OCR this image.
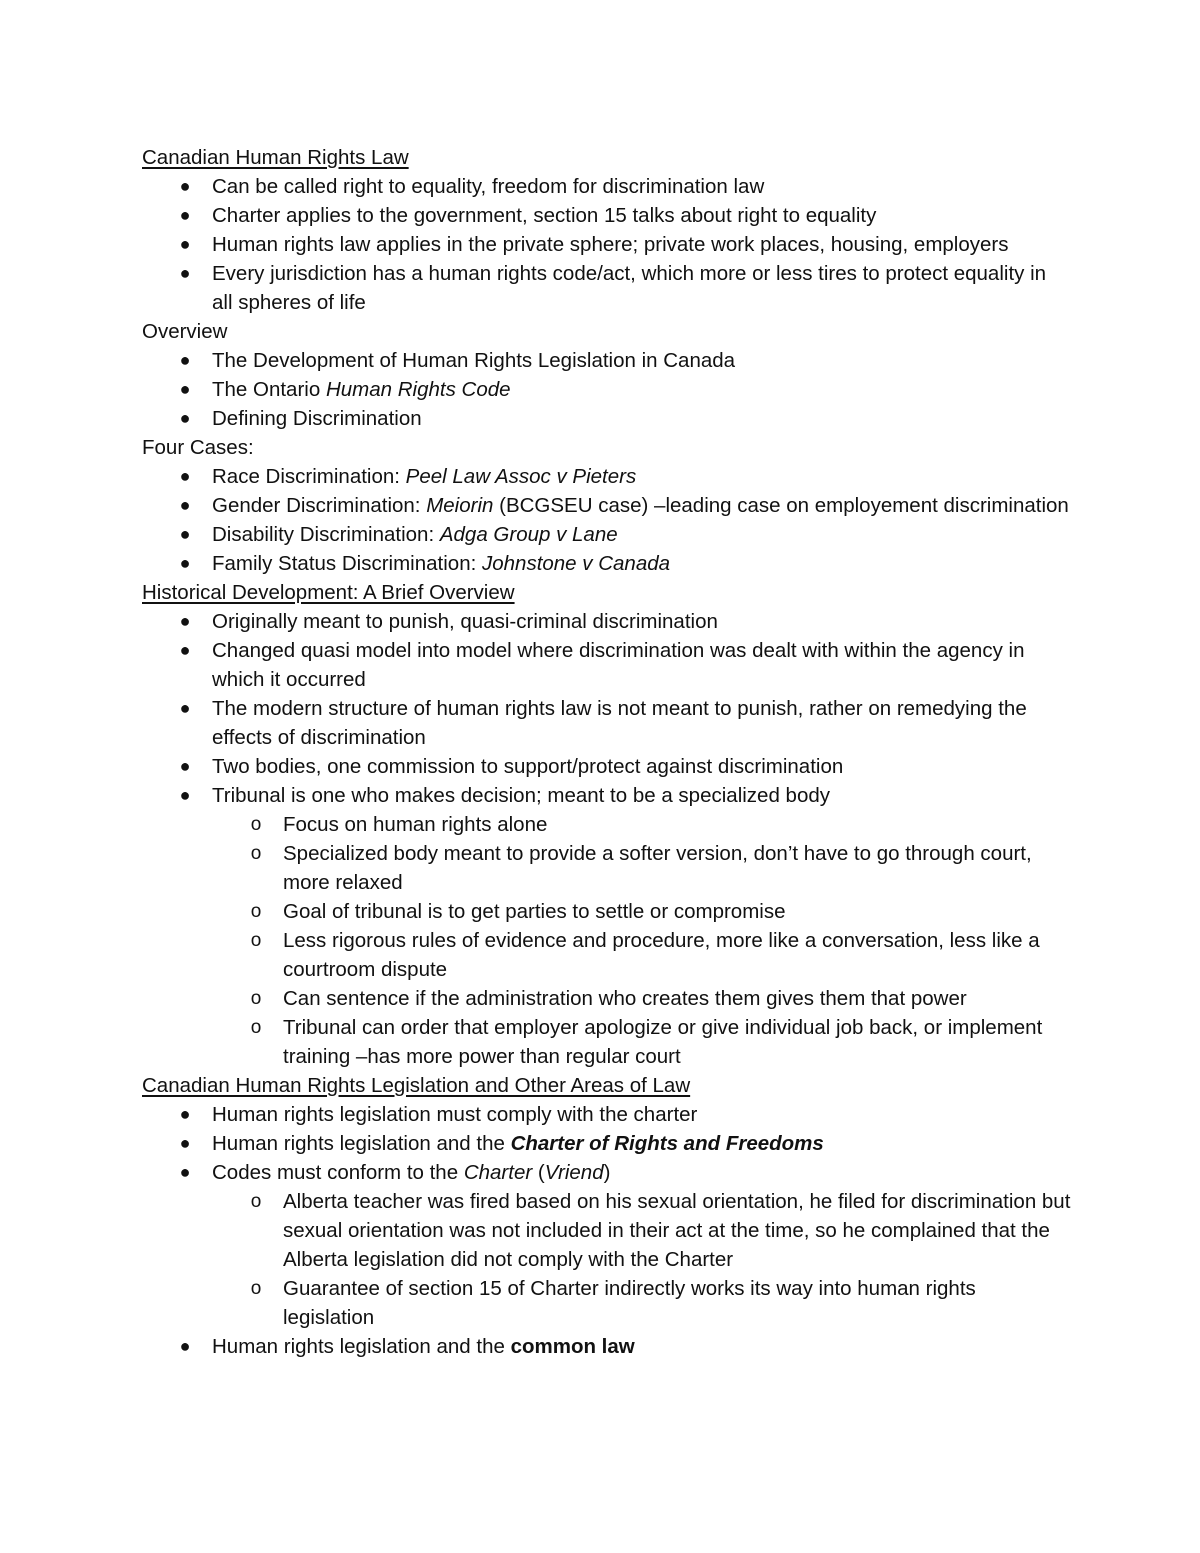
Canadian Human Rights Law

● Can be called right to equality, freedom for discrimination law
● Charter applies to the government, section 15 talks about right to equality
● Human rights law applies in the private sphere; private work places, housing, employers
● Every jurisdiction has a human rights code/act, which more or less tires to protect equality in all spheres of life

Overview

● The Development of Human Rights Legislation in Canada
● The Ontario Human Rights Code
● Defining Discrimination

Four Cases:

● Race Discrimination: Peel Law Assoc v Pieters
● Gender Discrimination: Meiorin (BCGSEU case) –leading case on employement discrimination
● Disability Discrimination: Adga Group v Lane
● Family Status Discrimination: Johnstone v Canada

Historical Development: A Brief Overview

● Originally meant to punish, quasi-criminal discrimination
● Changed quasi model into model where discrimination was dealt with within the agency in which it occurred
● The modern structure of human rights law is not meant to punish, rather on remedying the effects of discrimination
● Two bodies, one commission to support/protect against discrimination
● Tribunal is one who makes decision; meant to be a specialized body
o Focus on human rights alone
o Specialized body meant to provide a softer version, don’t have to go through court, more relaxed
o Goal of tribunal is to get parties to settle or compromise
o Less rigorous rules of evidence and procedure, more like a conversation, less like a courtroom dispute
o Can sentence if the administration who creates them gives them that power
o Tribunal can order that employer apologize or give individual job back, or implement training –has more power than regular court

Canadian Human Rights Legislation and Other Areas of Law

● Human rights legislation must comply with the charter
● Human rights legislation and the Charter of Rights and Freedoms
● Codes must conform to the Charter (Vriend)
o Alberta teacher was fired based on his sexual orientation, he filed for discrimination but sexual orientation was not included in their act at the time, so he complained that the Alberta legislation did not comply with the Charter
o Guarantee of section 15 of Charter indirectly works its way into human rights legislation
● Human rights legislation and the common law
